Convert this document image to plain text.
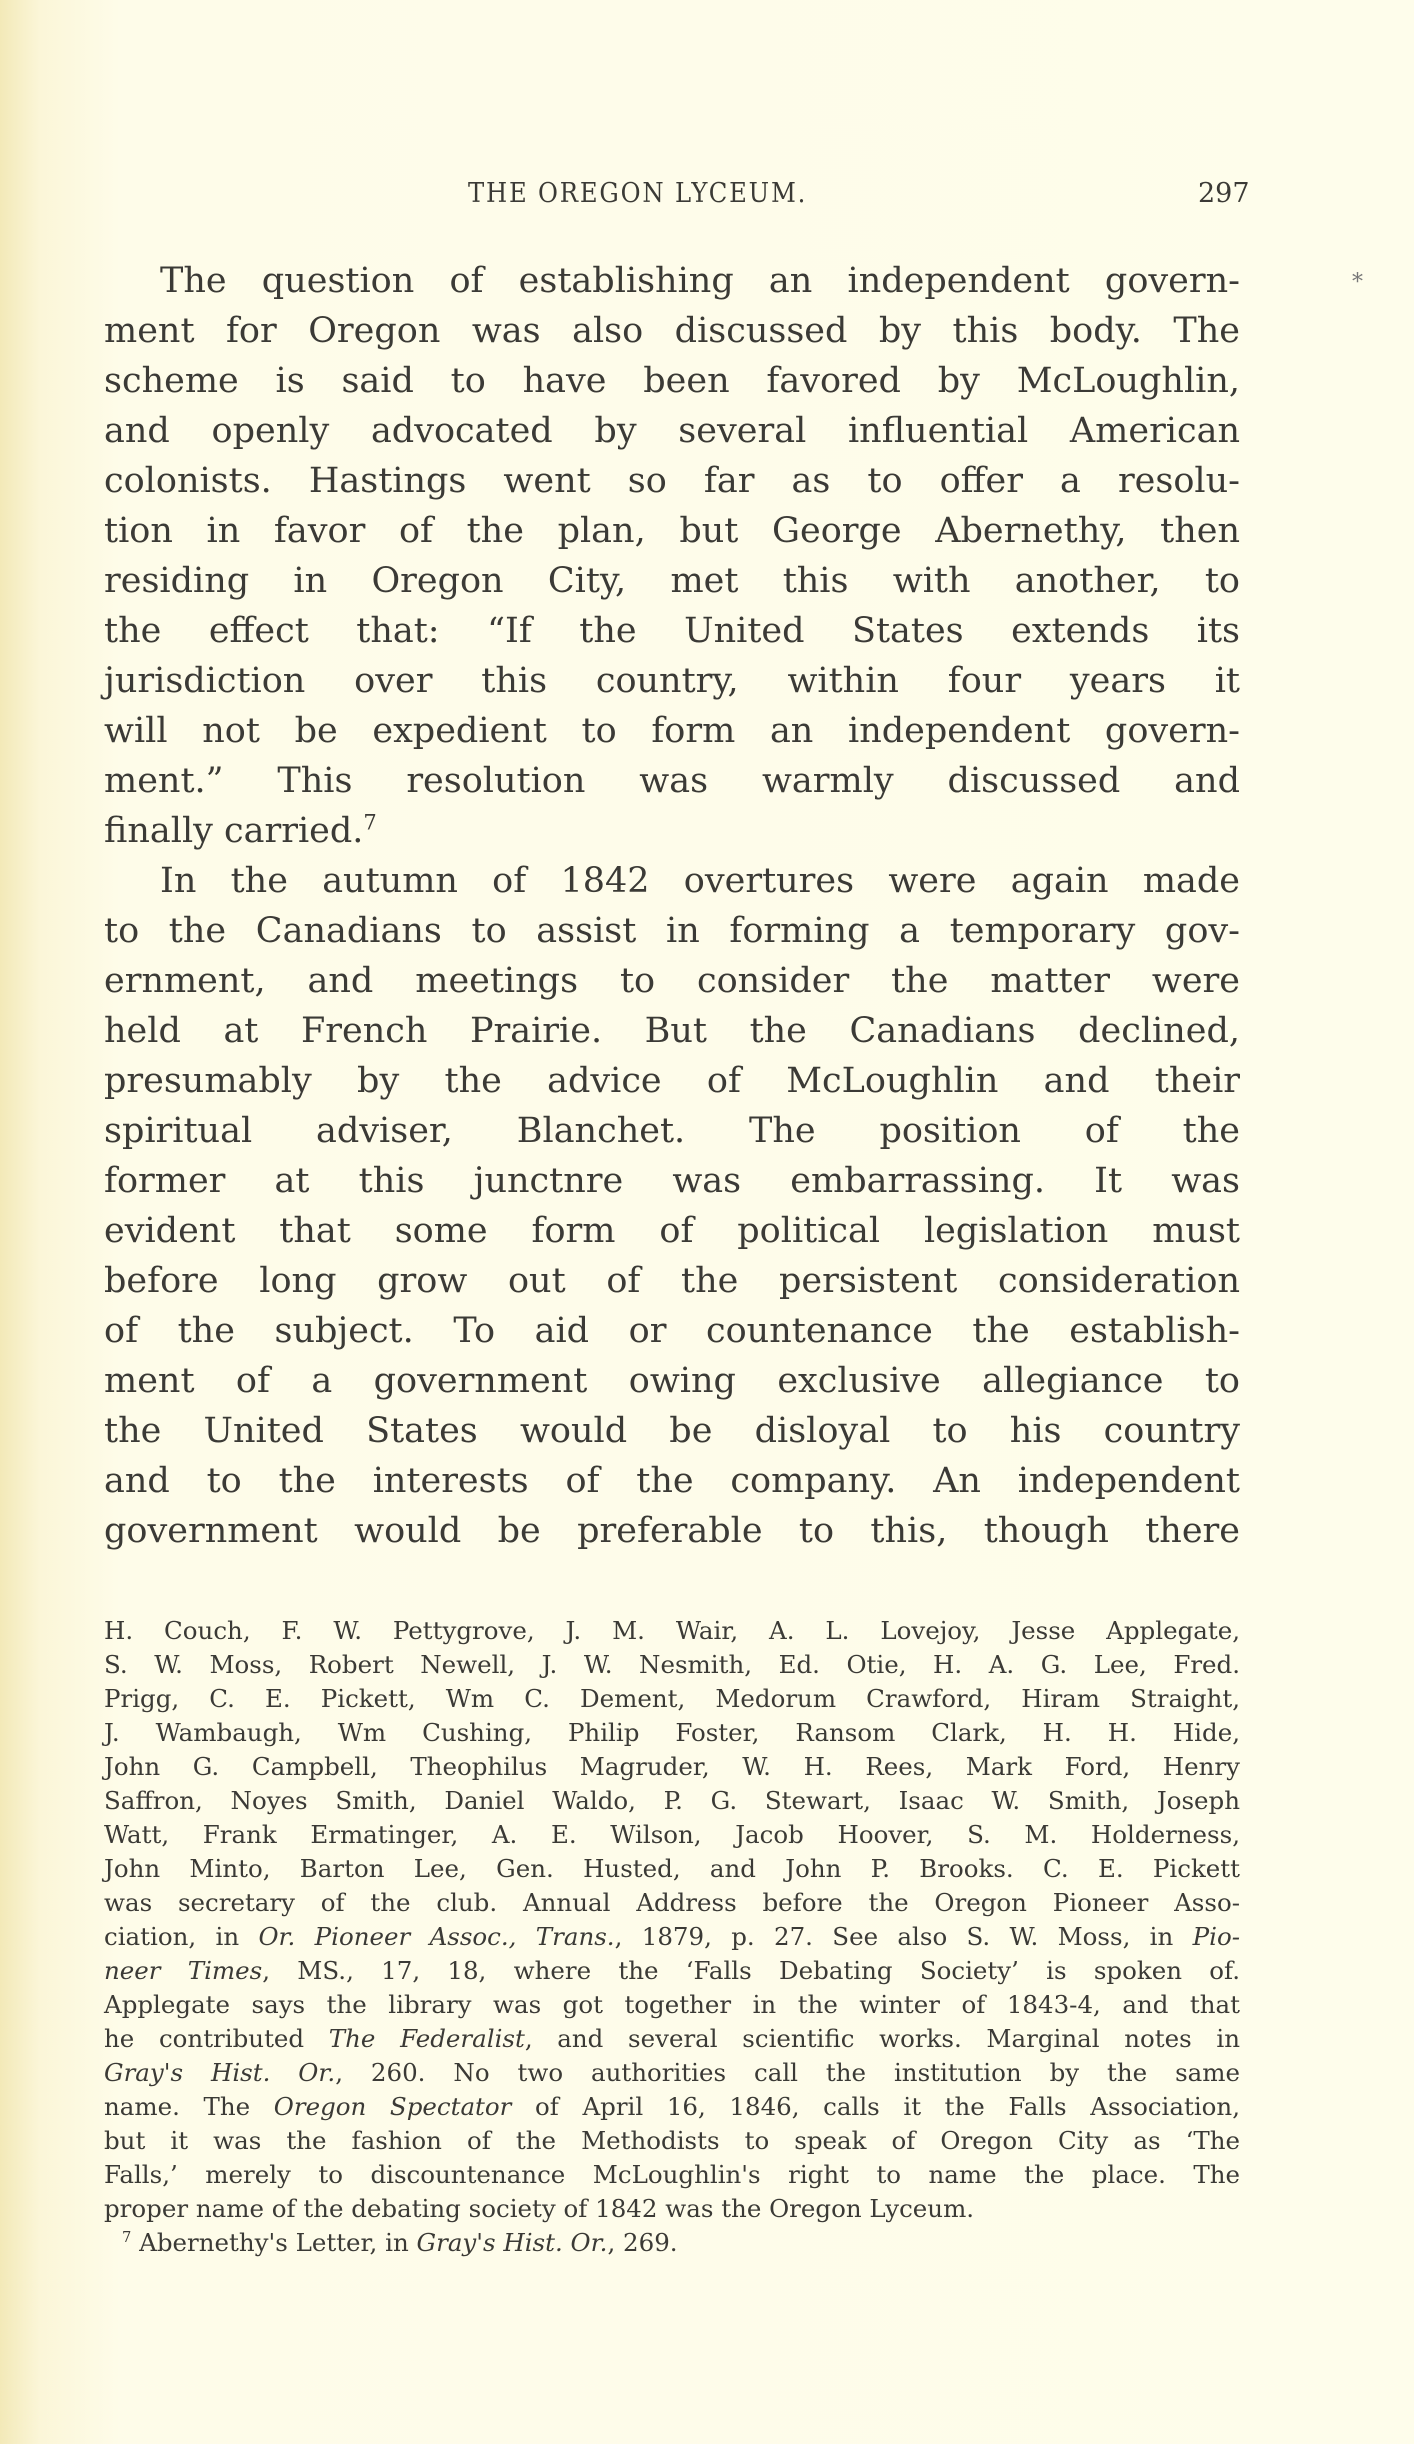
THE OREGON LYCEUM.	297
*
The question of establishing an independent govern-
ment for Oregon was also discussed by this body. The
scheme is said to have been favored by McLoughlin,
and openly advocated by several influential American
colonists. Hastings went so far as to offer a resolu-
tion in favor of the plan, but George Abernethy, then
residing in Oregon City, met this with another, to
the effect that: “If the United States extends its
jurisdiction over this country, within four years it
will not be expedient to form an independent govern-
ment.” This resolution was warmly discussed and
finally carried.$^7$
In the autumn of 1842 overtures were again made
to the Canadians to assist in forming a temporary gov-
ernment, and meetings to consider the matter were
held at French Prairie. But the Canadians declined,
presumably by the advice of McLoughlin and their
spiritual adviser, Blanchet. The position of the
former at this junctnre was embarrassing. It was
evident that some form of political legislation must
before long grow out of the persistent consideration
of the subject. To aid or countenance the establish-
ment of a government owing exclusive allegiance to
the United States would be disloyal to his country
and to the interests of the company. An independent
government would be preferable to this, though there
H. Couch, F. W. Pettygrove, J. M. Wair, A. L. Lovejoy, Jesse Applegate,
S. W. Moss, Robert Newell, J. W. Nesmith, Ed. Otie, H. A. G. Lee, Fred.
Prigg, C. E. Pickett, Wm C. Dement, Medorum Crawford, Hiram Straight,
J. Wambaugh, Wm Cushing, Philip Foster, Ransom Clark, H. H. Hide,
John G. Campbell, Theophilus Magruder, W. H. Rees, Mark Ford, Henry
Saffron, Noyes Smith, Daniel Waldo, P. G. Stewart, Isaac W. Smith, Joseph
Watt, Frank Ermatinger, A. E. Wilson, Jacob Hoover, S. M. Holderness,
John Minto, Barton Lee, Gen. Husted, and John P. Brooks. C. E. Pickett
was secretary of the club. Annual Address before the Oregon Pioneer Asso-
ciation, in Or. Pioneer Assoc., Trans., 1879, p. 27. See also S. W. Moss, in Pio-
neer Times, MS., 17, 18, where the ‘Falls Debating Society’ is spoken of.
Applegate says the library was got together in the winter of 1843-4, and that
he contributed The Federalist, and several scientific works. Marginal notes in
Gray's Hist. Or., 260. No two authorities call the institution by the same
name. The Oregon Spectator of April 16, 1846, calls it the Falls Association,
but it was the fashion of the Methodists to speak of Oregon City as ‘The
Falls,’ merely to discountenance McLoughlin's right to name the place. The
proper name of the debating society of 1842 was the Oregon Lyceum.
$^7$ Abernethy's Letter, in Gray's Hist. Or., 269.
